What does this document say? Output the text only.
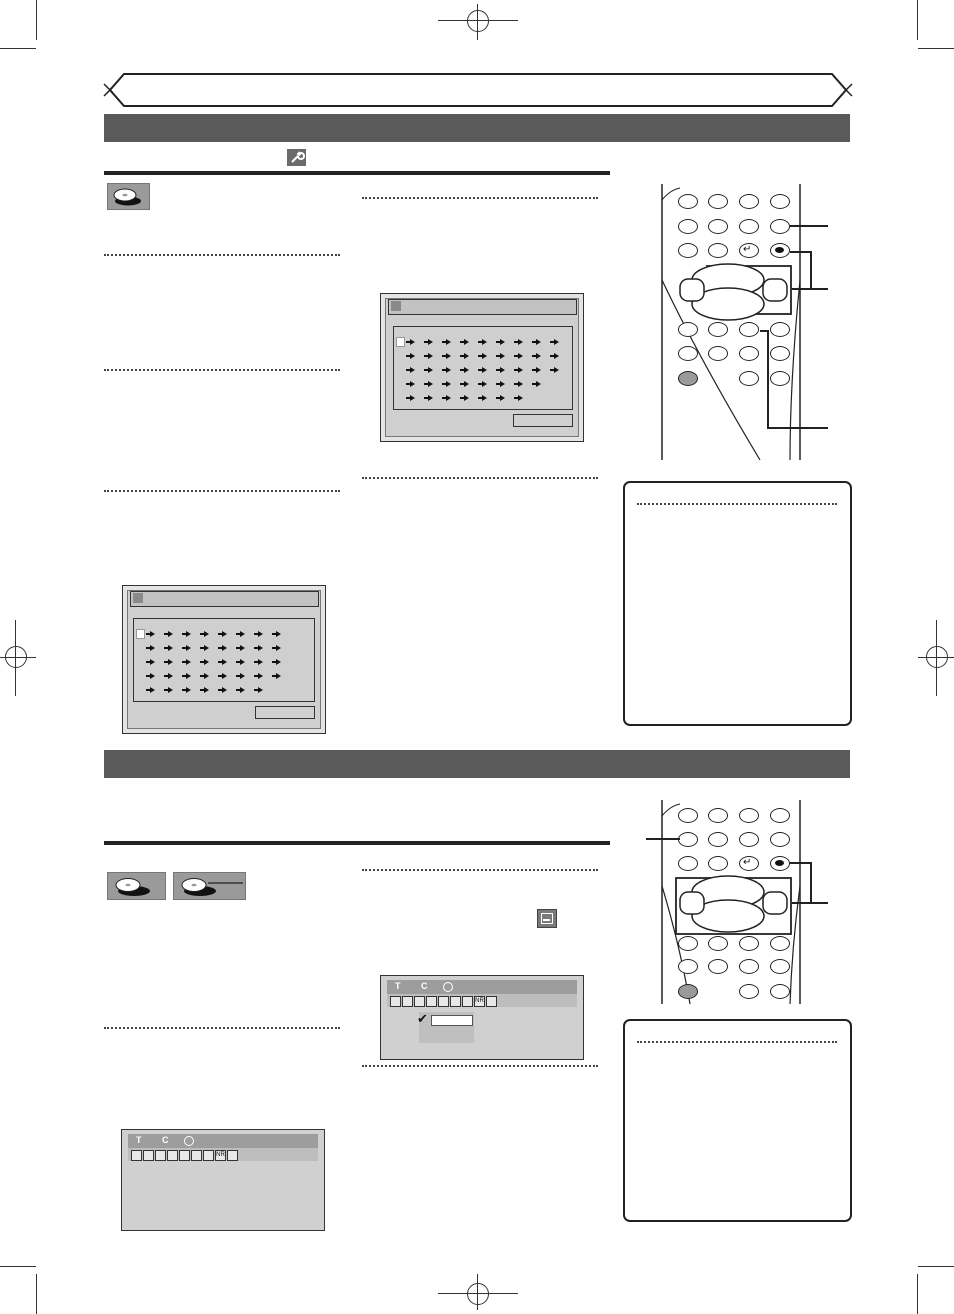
↵
T C
NR
✔
T C
NR
↵
